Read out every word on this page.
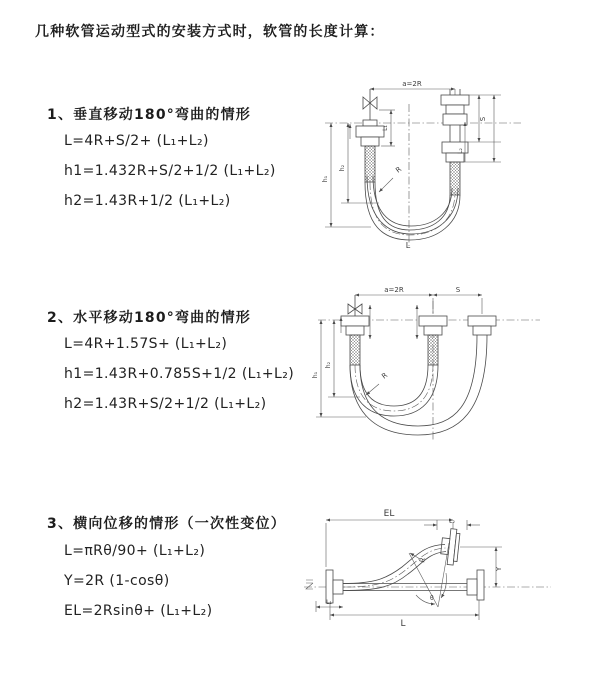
几种软管运动型式的安装方式时，软管的长度计算：
1、垂直移动180°弯曲的情形
L=4R+S/2+ (L₁+L₂)
h1=1.432R+S/2+1/2 (L₁+L₂)
h2=1.43R+1/2 (L₁+L₂)
2、水平移动180°弯曲的情形
L=4R+1.57S+ (L₁+L₂)
h1=1.43R+0.785S+1/2 (L₁+L₂)
h2=1.43R+S/2+1/2 (L₁+L₂)
3、横向位移的情形（一次性变位）
L=πRθ/90+ (L₁+L₂)
Y=2R (1-cosθ)
EL=2Rsinθ+ (L₁+L₂)
a=2R
L₁
L₂
S
h₂
h₁
R
L
a=2R	S
h₂
h₁	R
EL
L₂
Y
R
θ
L
L₁
